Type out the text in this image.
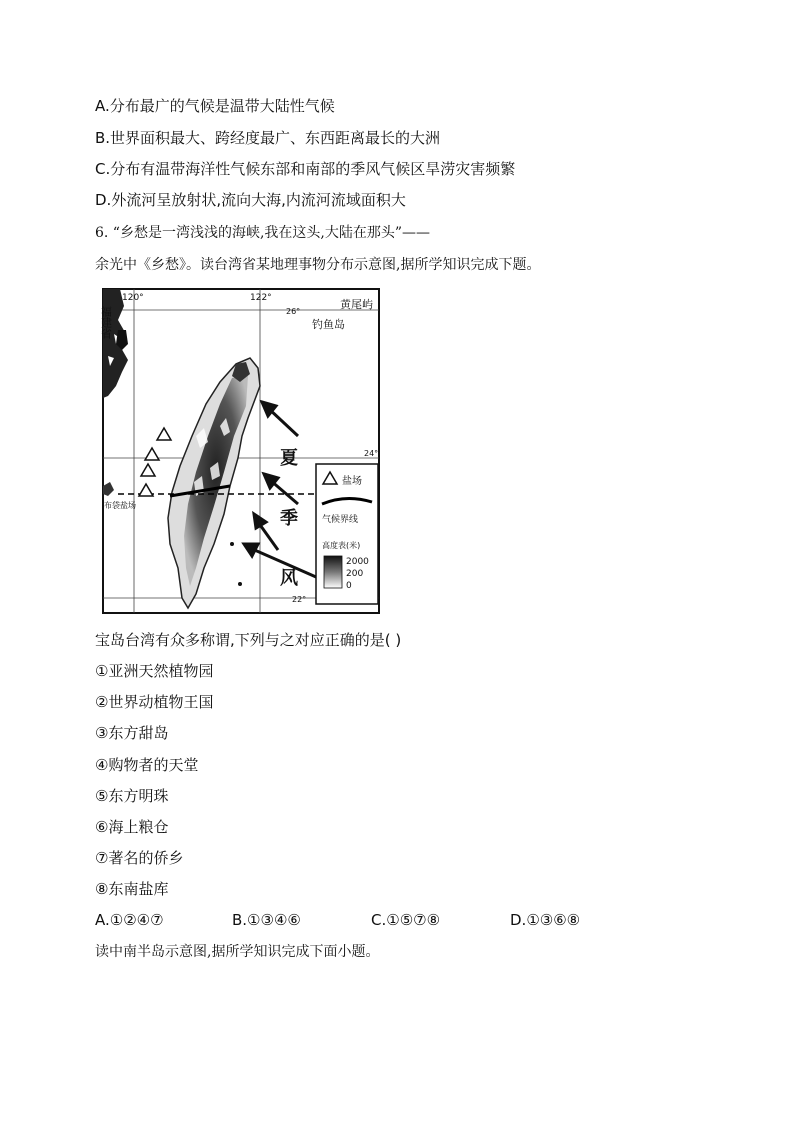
A.分布最广的气候是温带大陆性气候
B.世界面积最大、跨经度最广、东西距离最长的大洲
C.分布有温带海洋性气候东部和南部的季风气候区旱涝灾害频繁
D.外流河呈放射状,流向大海,内流河流域面积大
6. “乡愁是一湾浅浅的海峡,我在这头,大陆在那头”——
余光中《乡愁》。读台湾省某地理事物分布示意图,据所学知识完成下题。
120°	122°
26°
24°
22°
黄尾屿
钓鱼岛
布袋盐场
福建省
夏
季
风
盐场
气候界线
高度表(米)
2000
200
0
宝岛台湾有众多称谓,下列与之对应正确的是( )
①亚洲天然植物园
②世界动植物王国
③东方甜岛
④购物者的天堂
⑤东方明珠
⑥海上粮仓
⑦著名的侨乡
⑧东南盐库
A.①②④⑦	B.①③④⑥	C.①⑤⑦⑧	D.①③⑥⑧
读中南半岛示意图,据所学知识完成下面小题。
